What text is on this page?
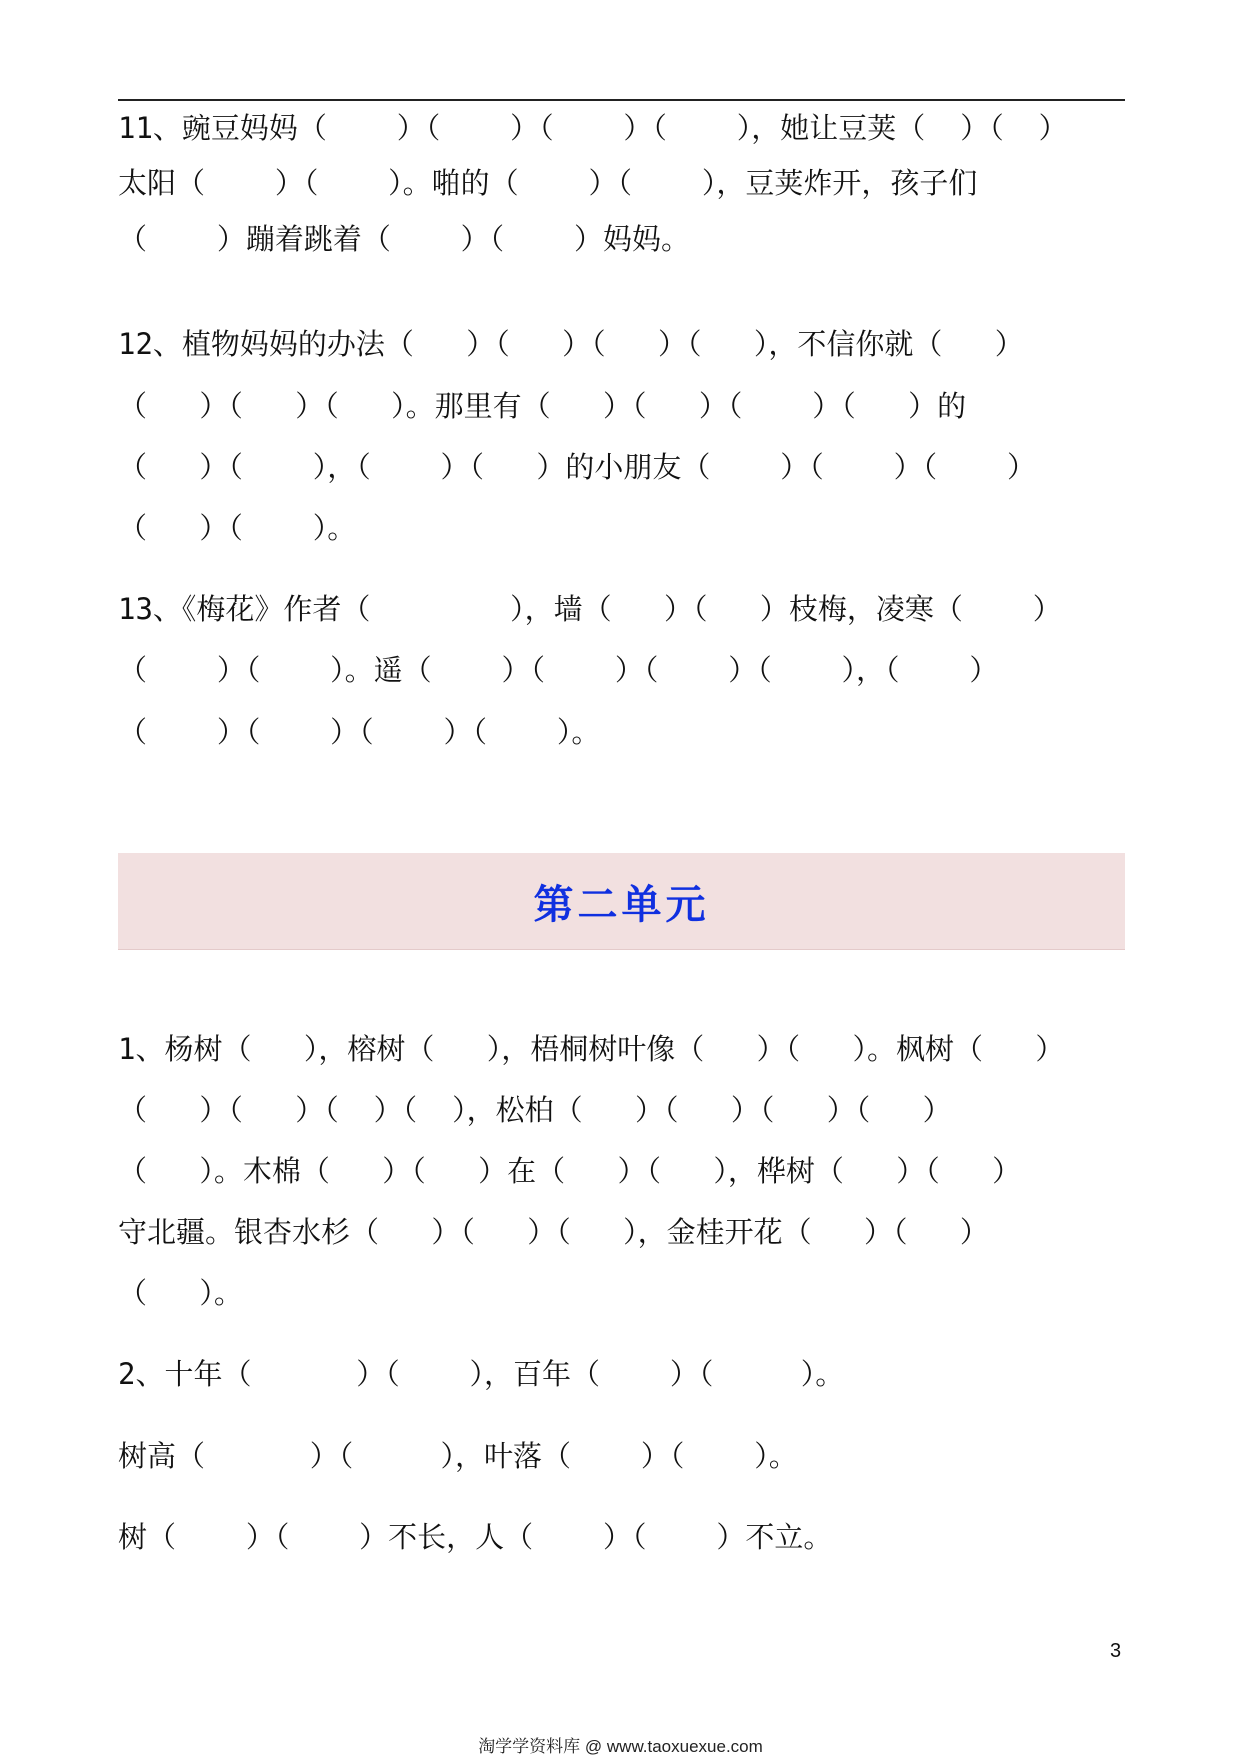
11、豌豆妈妈（    ）（    ）（    ）（    ），她让豆荚（  ）（  ）
太阳（    ）（    ）。啪的（    ）（    ），豆荚炸开，孩子们
（    ）蹦着跳着（    ）（    ）妈妈。
12、植物妈妈的办法（   ）（   ）（   ）（   ），不信你就（   ）
（   ）（   ）（   ）。那里有（   ）（   ）（    ）（   ）的
（   ）（    ），（    ）（   ）的小朋友（    ）（    ）（    ）
（   ）（    ）。
13、《梅花》作者（        ），墙（   ）（   ）枝梅，凌寒（    ）
（    ）（    ）。遥（    ）（    ）（    ）（    ），（    ）
（    ）（    ）（    ）（    ）。
第二单元
1、杨树（   ），榕树（   ），梧桐树叶像（   ）（   ）。枫树（   ）
（   ）（   ）（  ）（  ），松柏（   ）（   ）（   ）（   ）
（   ）。木棉（   ）（   ）在（   ）（   ），桦树（   ）（   ）
守北疆。银杏水杉（   ）（   ）（   ），金桂开花（   ）（   ）
（   ）。
2、十年（      ）（    ），百年（    ）（     ）。
树高（      ）（     ），叶落（    ）（    ）。
树（    ）（    ）不长，人（    ）（    ）不立。
3
淘学学资料库 @ www.taoxuexue.com
